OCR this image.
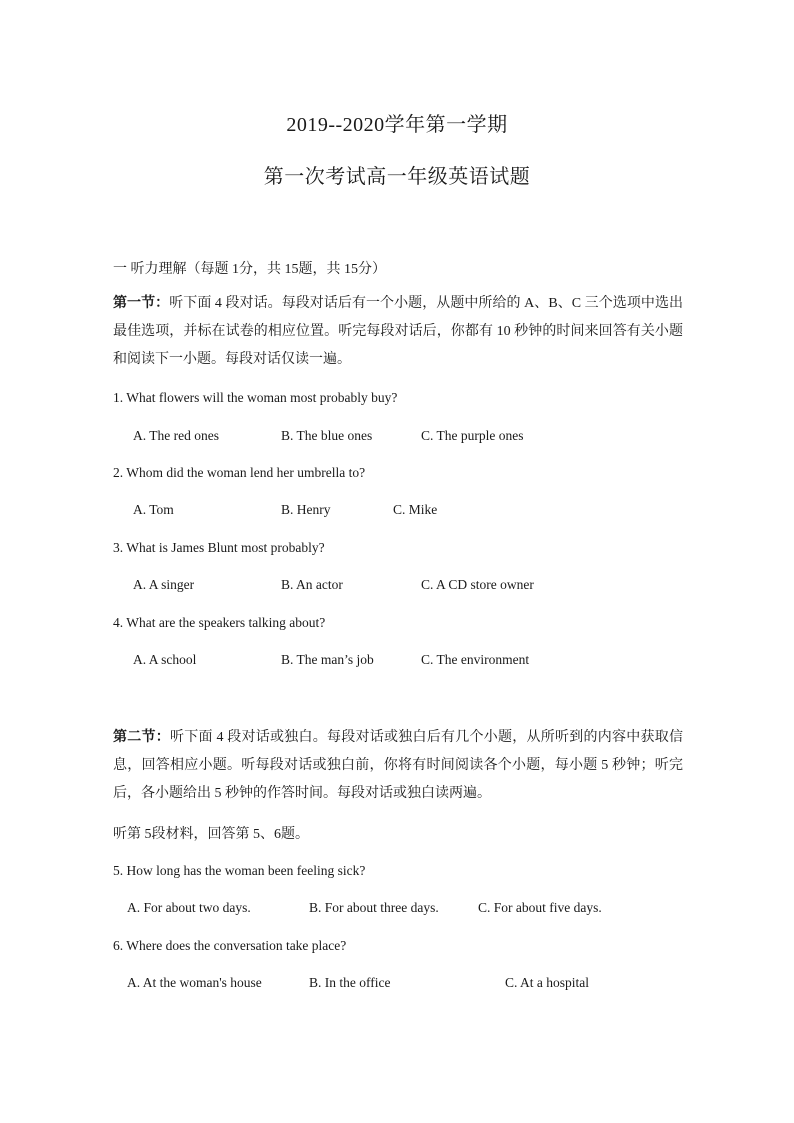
2019--2020学年第一学期
第一次考试高一年级英语试题
一 听力理解（每题 1分，共 15题，共 15分）
第一节：听下面 4 段对话。每段对话后有一个小题，从题中所给的 A、B、C 三个选项中选出最佳选项，并标在试卷的相应位置。听完每段对话后，你都有 10 秒钟的时间来回答有关小题和阅读下一小题。每段对话仅读一遍。
1. What flowers will the woman most probably buy?
A. The red ones	B. The blue ones	C. The purple ones
2. Whom did the woman lend her umbrella to?
A. Tom	B. Henry	C. Mike
3. What is James Blunt most probably?
A. A singer	B. An actor	C. A CD store owner
4. What are the speakers talking about?
A. A school	B. The man’s job	C. The environment
第二节：听下面 4 段对话或独白。每段对话或独白后有几个小题，从所听到的内容中获取信息，回答相应小题。听每段对话或独白前，你将有时间阅读各个小题，每小题 5 秒钟；听完后，各小题给出 5 秒钟的作答时间。每段对话或独白读两遍。
听第 5段材料，回答第 5、6题。
5. How long has the woman been feeling sick?
A. For about two days.	B. For about three days.	C. For about five days.
6. Where does the conversation take place?
A. At the woman's house	B. In the office	C. At a hospital
